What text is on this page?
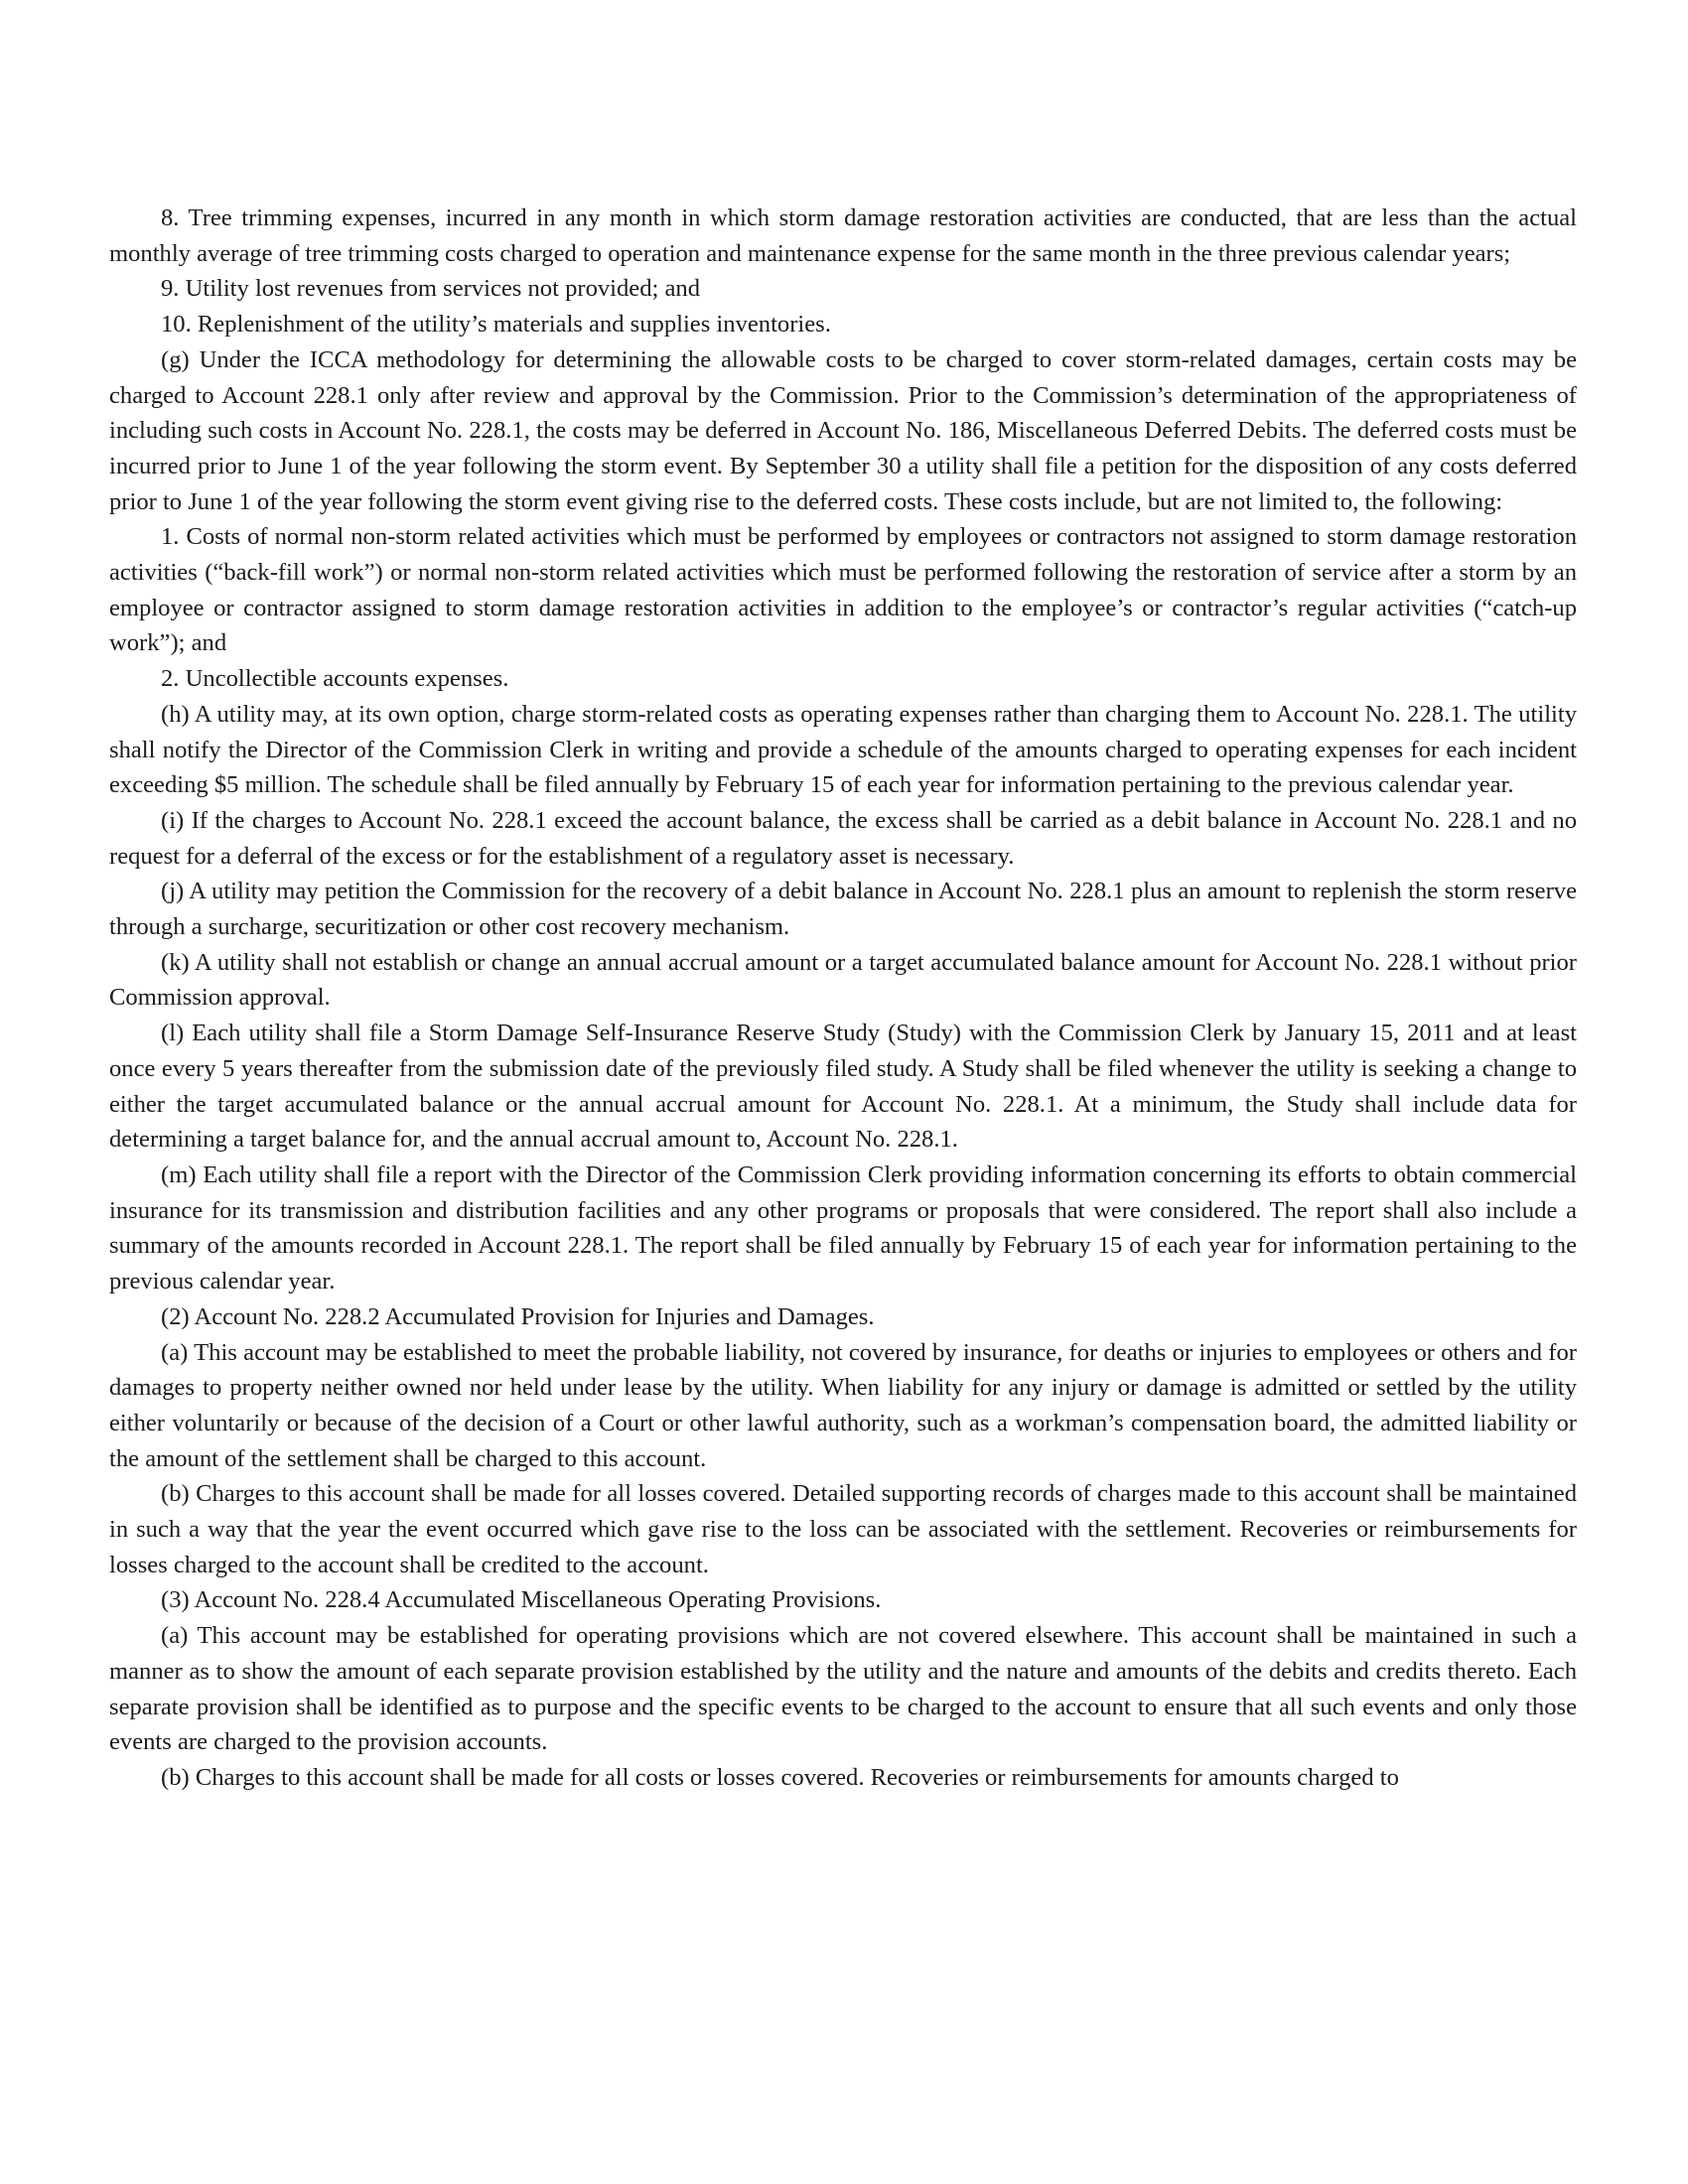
8. Tree trimming expenses, incurred in any month in which storm damage restoration activities are conducted, that are less than the actual monthly average of tree trimming costs charged to operation and maintenance expense for the same month in the three previous calendar years;

9. Utility lost revenues from services not provided; and

10. Replenishment of the utility’s materials and supplies inventories.

(g) Under the ICCA methodology for determining the allowable costs to be charged to cover storm-related damages, certain costs may be charged to Account 228.1 only after review and approval by the Commission. Prior to the Commission’s determination of the appropriateness of including such costs in Account No. 228.1, the costs may be deferred in Account No. 186, Miscellaneous Deferred Debits. The deferred costs must be incurred prior to June 1 of the year following the storm event. By September 30 a utility shall file a petition for the disposition of any costs deferred prior to June 1 of the year following the storm event giving rise to the deferred costs. These costs include, but are not limited to, the following:

1. Costs of normal non-storm related activities which must be performed by employees or contractors not assigned to storm damage restoration activities (“back-fill work”) or normal non-storm related activities which must be performed following the restoration of service after a storm by an employee or contractor assigned to storm damage restoration activities in addition to the employee’s or contractor’s regular activities (“catch-up work”); and

2. Uncollectible accounts expenses.

(h) A utility may, at its own option, charge storm-related costs as operating expenses rather than charging them to Account No. 228.1. The utility shall notify the Director of the Commission Clerk in writing and provide a schedule of the amounts charged to operating expenses for each incident exceeding $5 million. The schedule shall be filed annually by February 15 of each year for information pertaining to the previous calendar year.

(i) If the charges to Account No. 228.1 exceed the account balance, the excess shall be carried as a debit balance in Account No. 228.1 and no request for a deferral of the excess or for the establishment of a regulatory asset is necessary.

(j) A utility may petition the Commission for the recovery of a debit balance in Account No. 228.1 plus an amount to replenish the storm reserve through a surcharge, securitization or other cost recovery mechanism.

(k) A utility shall not establish or change an annual accrual amount or a target accumulated balance amount for Account No. 228.1 without prior Commission approval.

(l) Each utility shall file a Storm Damage Self-Insurance Reserve Study (Study) with the Commission Clerk by January 15, 2011 and at least once every 5 years thereafter from the submission date of the previously filed study. A Study shall be filed whenever the utility is seeking a change to either the target accumulated balance or the annual accrual amount for Account No. 228.1. At a minimum, the Study shall include data for determining a target balance for, and the annual accrual amount to, Account No. 228.1.

(m) Each utility shall file a report with the Director of the Commission Clerk providing information concerning its efforts to obtain commercial insurance for its transmission and distribution facilities and any other programs or proposals that were considered. The report shall also include a summary of the amounts recorded in Account 228.1. The report shall be filed annually by February 15 of each year for information pertaining to the previous calendar year.

(2) Account No. 228.2 Accumulated Provision for Injuries and Damages.

(a) This account may be established to meet the probable liability, not covered by insurance, for deaths or injuries to employees or others and for damages to property neither owned nor held under lease by the utility. When liability for any injury or damage is admitted or settled by the utility either voluntarily or because of the decision of a Court or other lawful authority, such as a workman’s compensation board, the admitted liability or the amount of the settlement shall be charged to this account.

(b) Charges to this account shall be made for all losses covered. Detailed supporting records of charges made to this account shall be maintained in such a way that the year the event occurred which gave rise to the loss can be associated with the settlement. Recoveries or reimbursements for losses charged to the account shall be credited to the account.

(3) Account No. 228.4 Accumulated Miscellaneous Operating Provisions.

(a) This account may be established for operating provisions which are not covered elsewhere. This account shall be maintained in such a manner as to show the amount of each separate provision established by the utility and the nature and amounts of the debits and credits thereto. Each separate provision shall be identified as to purpose and the specific events to be charged to the account to ensure that all such events and only those events are charged to the provision accounts.

(b) Charges to this account shall be made for all costs or losses covered. Recoveries or reimbursements for amounts charged to
